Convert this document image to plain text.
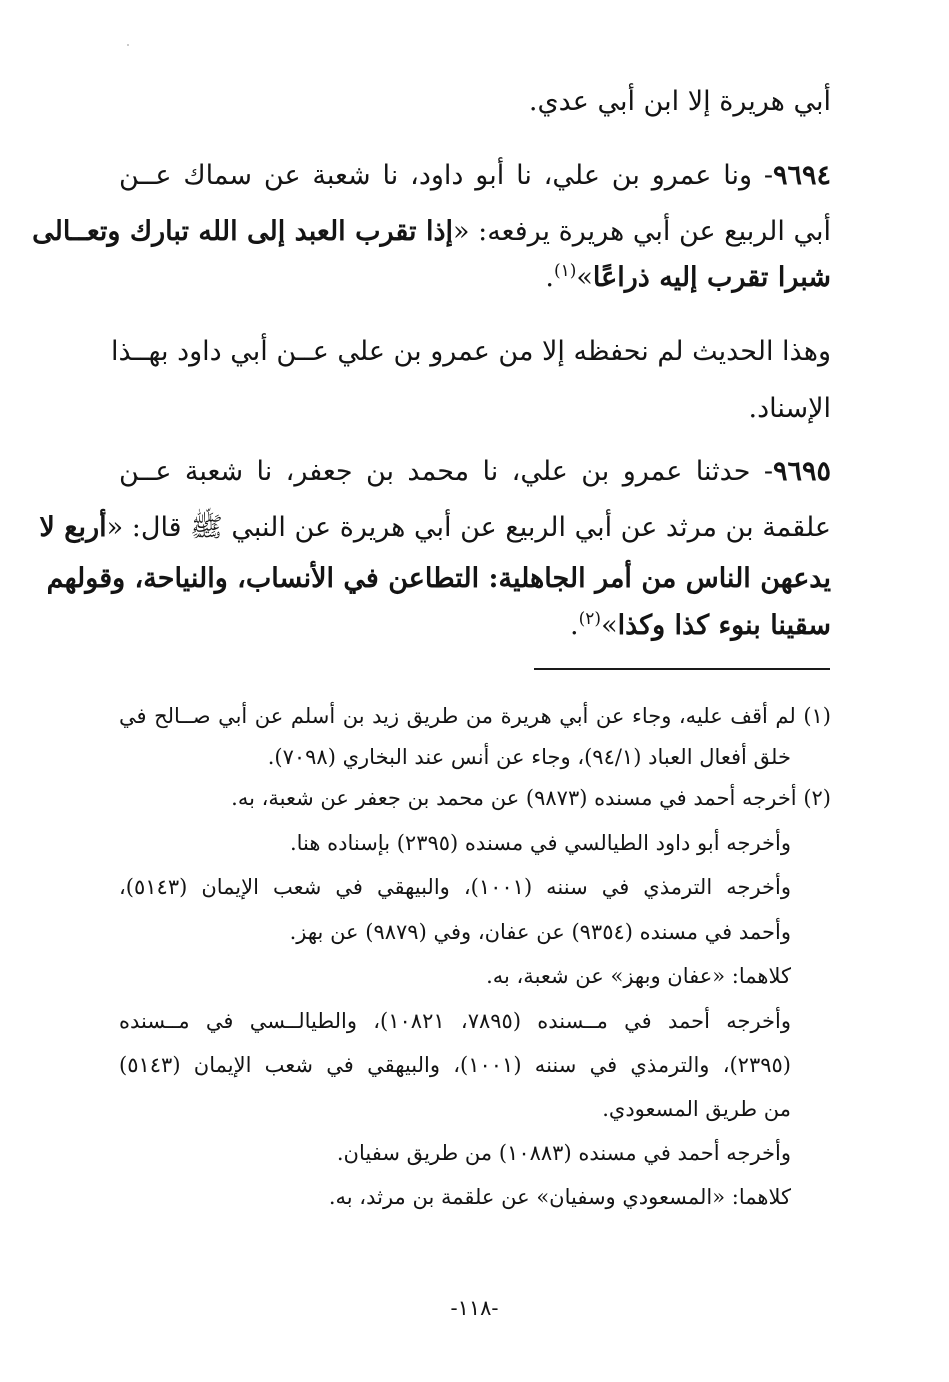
أبي هريرة إلا ابن أبي عدي.
٩٦٩٤- ونا عمرو بن علي، نا أبو داود، نا شعبة عن سماك عــن
أبي الربيع عن أبي هريرة يرفعه: «إذا تقرب العبد إلى الله تبارك وتعــالى
شبرا تقرب إليه ذراعًا»$^{(١)}$.
وهذا الحديث لم نحفظه إلا من عمرو بن علي عــن أبي داود بهــذا
الإسناد.
٩٦٩٥- حدثنا عمرو بن علي، نا محمد بن جعفر، نا شعبة عــن
علقمة بن مرثد عن أبي الربيع عن أبي هريرة عن النبي ﷺ قال: «أربع لا
يدعهن الناس من أمر الجاهلية: التطاعن في الأنساب، والنياحة، وقولهم
سقينا بنوء كذا وكذا»$^{(٢)}$.
(١) لم أقف عليه، وجاء عن أبي هريرة من طريق زيد بن أسلم عن أبي صــالح في
خلق أفعال العباد (٩٤/١)، وجاء عن أنس عند البخاري (٧٠٩٨).
(٢) أخرجه أحمد في مسنده (٩٨٧٣) عن محمد بن جعفر عن شعبة، به.
وأخرجه أبو داود الطيالسي في مسنده (٢٣٩٥) بإسناده هنا.
وأخرجه الترمذي في سننه (١٠٠١)، والبيهقي في شعب الإيمان (٥١٤٣)،
وأحمد في مسنده (٩٣٥٤) عن عفان، وفي (٩٨٧٩) عن بهز.
كلاهما: «عفان وبهز» عن شعبة، به.
وأخرجه أحمد في مــسنده (٧٨٩٥، ١٠٨٢١)، والطيالــسي في مــسنده
(٢٣٩٥)، والترمذي في سننه (١٠٠١)، والبيهقي في شعب الإيمان (٥١٤٣)
من طريق المسعودي.
وأخرجه أحمد في مسنده (١٠٨٨٣) من طريق سفيان.
كلاهما: «المسعودي وسفيان» عن علقمة بن مرثد، به.
-١١٨-
